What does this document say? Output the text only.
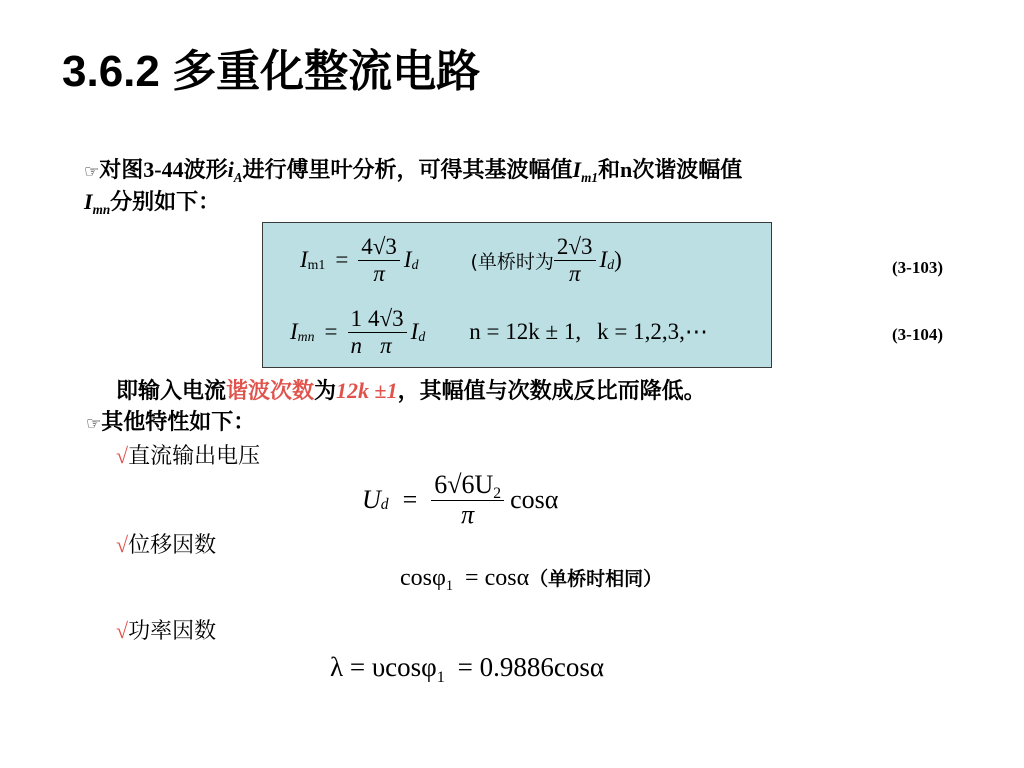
3.6.2 多重化整流电路
☞对图3-44波形$i_A$进行傅里叶分析，可得其基波幅值$I_{m1}$和n次谐波幅值
$I_{mn}$分别如下：
I $m1 = \frac{4√3}{\pi}$ I d	(单桥时为 $\frac{2√3}{\pi}$ I d )	(3-103)
I mn = $\frac{1}{n} \frac{4√3}{\pi}$ I d n = 12k ± 1, k = 1,2,3,⋯	(3-104)
即输入电流谐波次数为12k ±1，其幅值与次数成反比而降低。
☞其他特性如下：
√直流输出电压
U $d = \frac{6√6U_2}{\pi}$ cosα
√位移因数
cosφ$_1$ = cosα（单桥时相同）
√功率因数
λ = υcosφ$_1$ = 0.9886cosα
